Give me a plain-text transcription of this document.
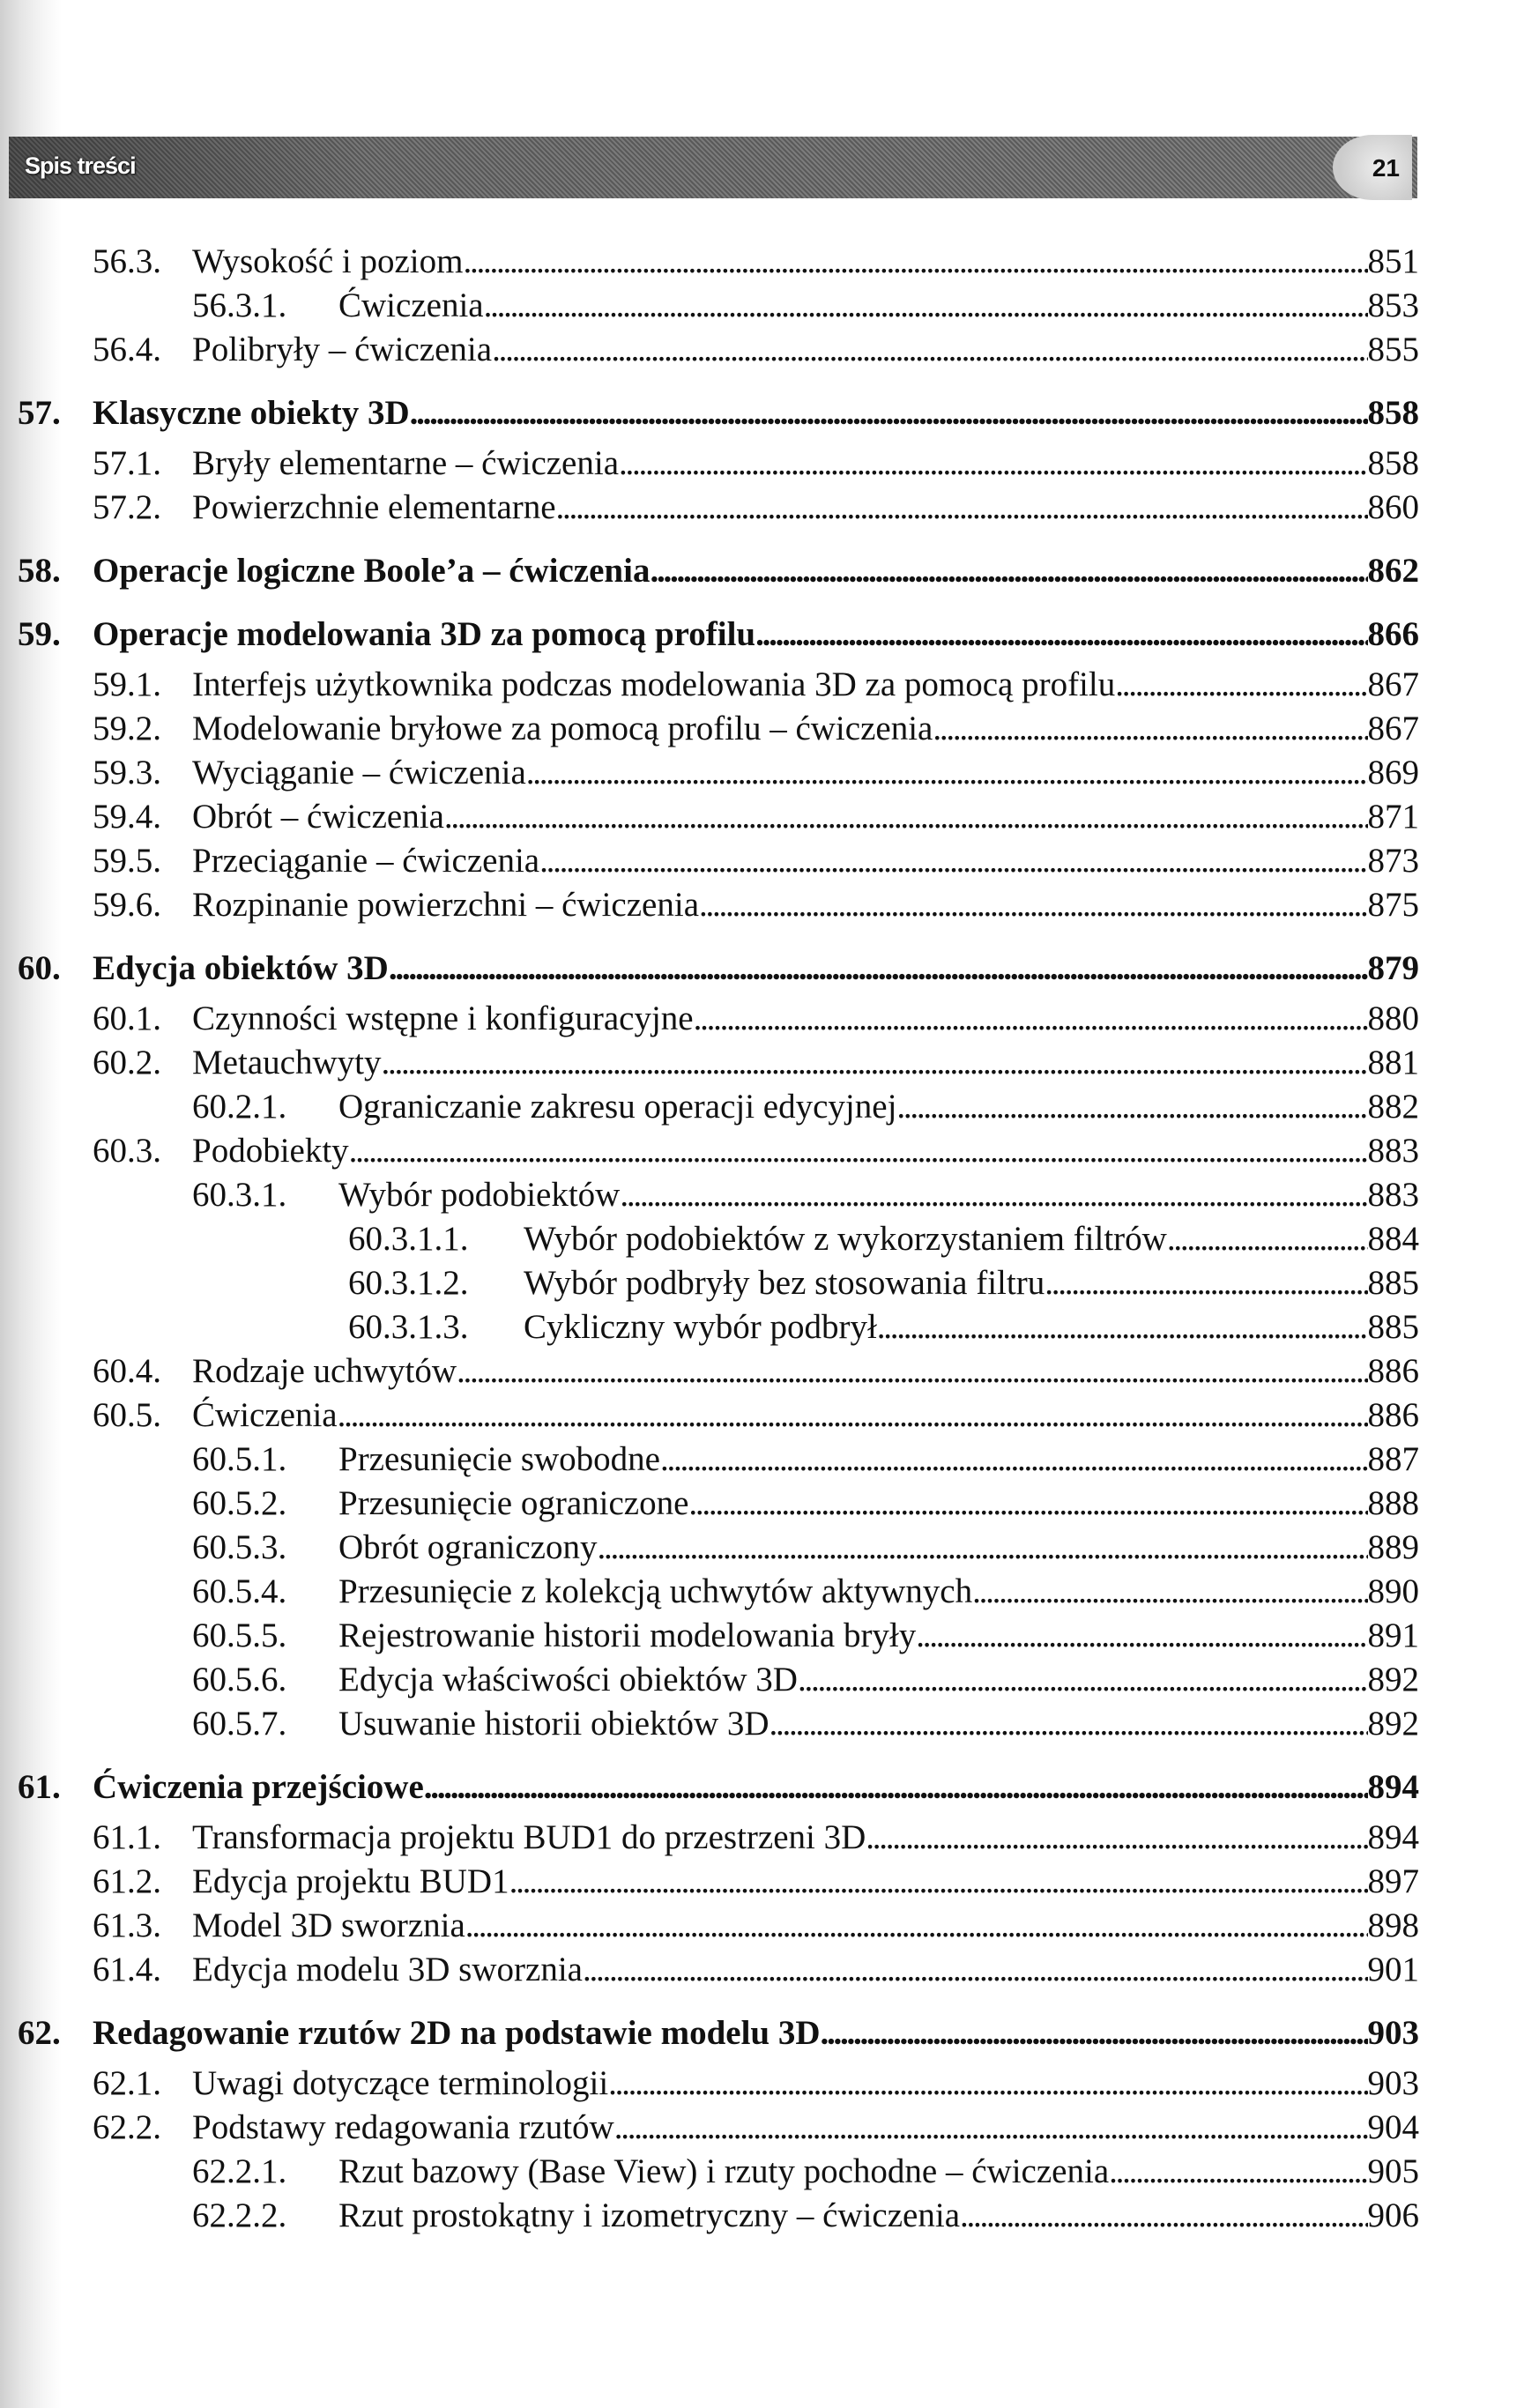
Spis treści	21
56.3. Wysokość i poziom . . .	851
56.3.1. Ćwiczenia . . .	853
56.4. Polibryły – ćwiczenia . . .	855
57. Klasyczne obiekty 3D . . .	858
57.1. Bryły elementarne – ćwiczenia . . .	858
57.2. Powierzchnie elementarne . . .	860
58. Operacje logiczne Boole’a – ćwiczenia . . .	862
59. Operacje modelowania 3D za pomocą profilu . . .	866
59.1. Interfejs użytkownika podczas modelowania 3D za pomocą profilu . . .	867
59.2. Modelowanie bryłowe za pomocą profilu – ćwiczenia . . .	867
59.3. Wyciąganie – ćwiczenia . . .	869
59.4. Obrót – ćwiczenia . . .	871
59.5. Przeciąganie – ćwiczenia . . .	873
59.6. Rozpinanie powierzchni – ćwiczenia . . .	875
60. Edycja obiektów 3D . . .	879
60.1. Czynności wstępne i konfiguracyjne . . .	880
60.2. Metauchwyty . . .	881
60.2.1. Ograniczanie zakresu operacji edycyjnej . . .	882
60.3. Podobiekty . . .	883
60.3.1. Wybór podobiektów . . .	883
60.3.1.1. Wybór podobiektów z wykorzystaniem filtrów . . .	884
60.3.1.2. Wybór podbryły bez stosowania filtru . . .	885
60.3.1.3. Cykliczny wybór podbrył . . .	885
60.4. Rodzaje uchwytów . . .	886
60.5. Ćwiczenia . . .	886
60.5.1. Przesunięcie swobodne . . .	887
60.5.2. Przesunięcie ograniczone . . .	888
60.5.3. Obrót ograniczony . . .	889
60.5.4. Przesunięcie z kolekcją uchwytów aktywnych . . .	890
60.5.5. Rejestrowanie historii modelowania bryły . . .	891
60.5.6. Edycja właściwości obiektów 3D . . .	892
60.5.7. Usuwanie historii obiektów 3D . . .	892
61. Ćwiczenia przejściowe . . .	894
61.1. Transformacja projektu BUD1 do przestrzeni 3D . . .	894
61.2. Edycja projektu BUD1 . . .	897
61.3. Model 3D sworznia . . .	898
61.4. Edycja modelu 3D sworznia . . .	901
62. Redagowanie rzutów 2D na podstawie modelu 3D . . .	903
62.1. Uwagi dotyczące terminologii . . .	903
62.2. Podstawy redagowania rzutów . . .	904
62.2.1. Rzut bazowy (Base View) i rzuty pochodne – ćwiczenia . . .	905
62.2.2. Rzut prostokątny i izometryczny – ćwiczenia . . .	906
